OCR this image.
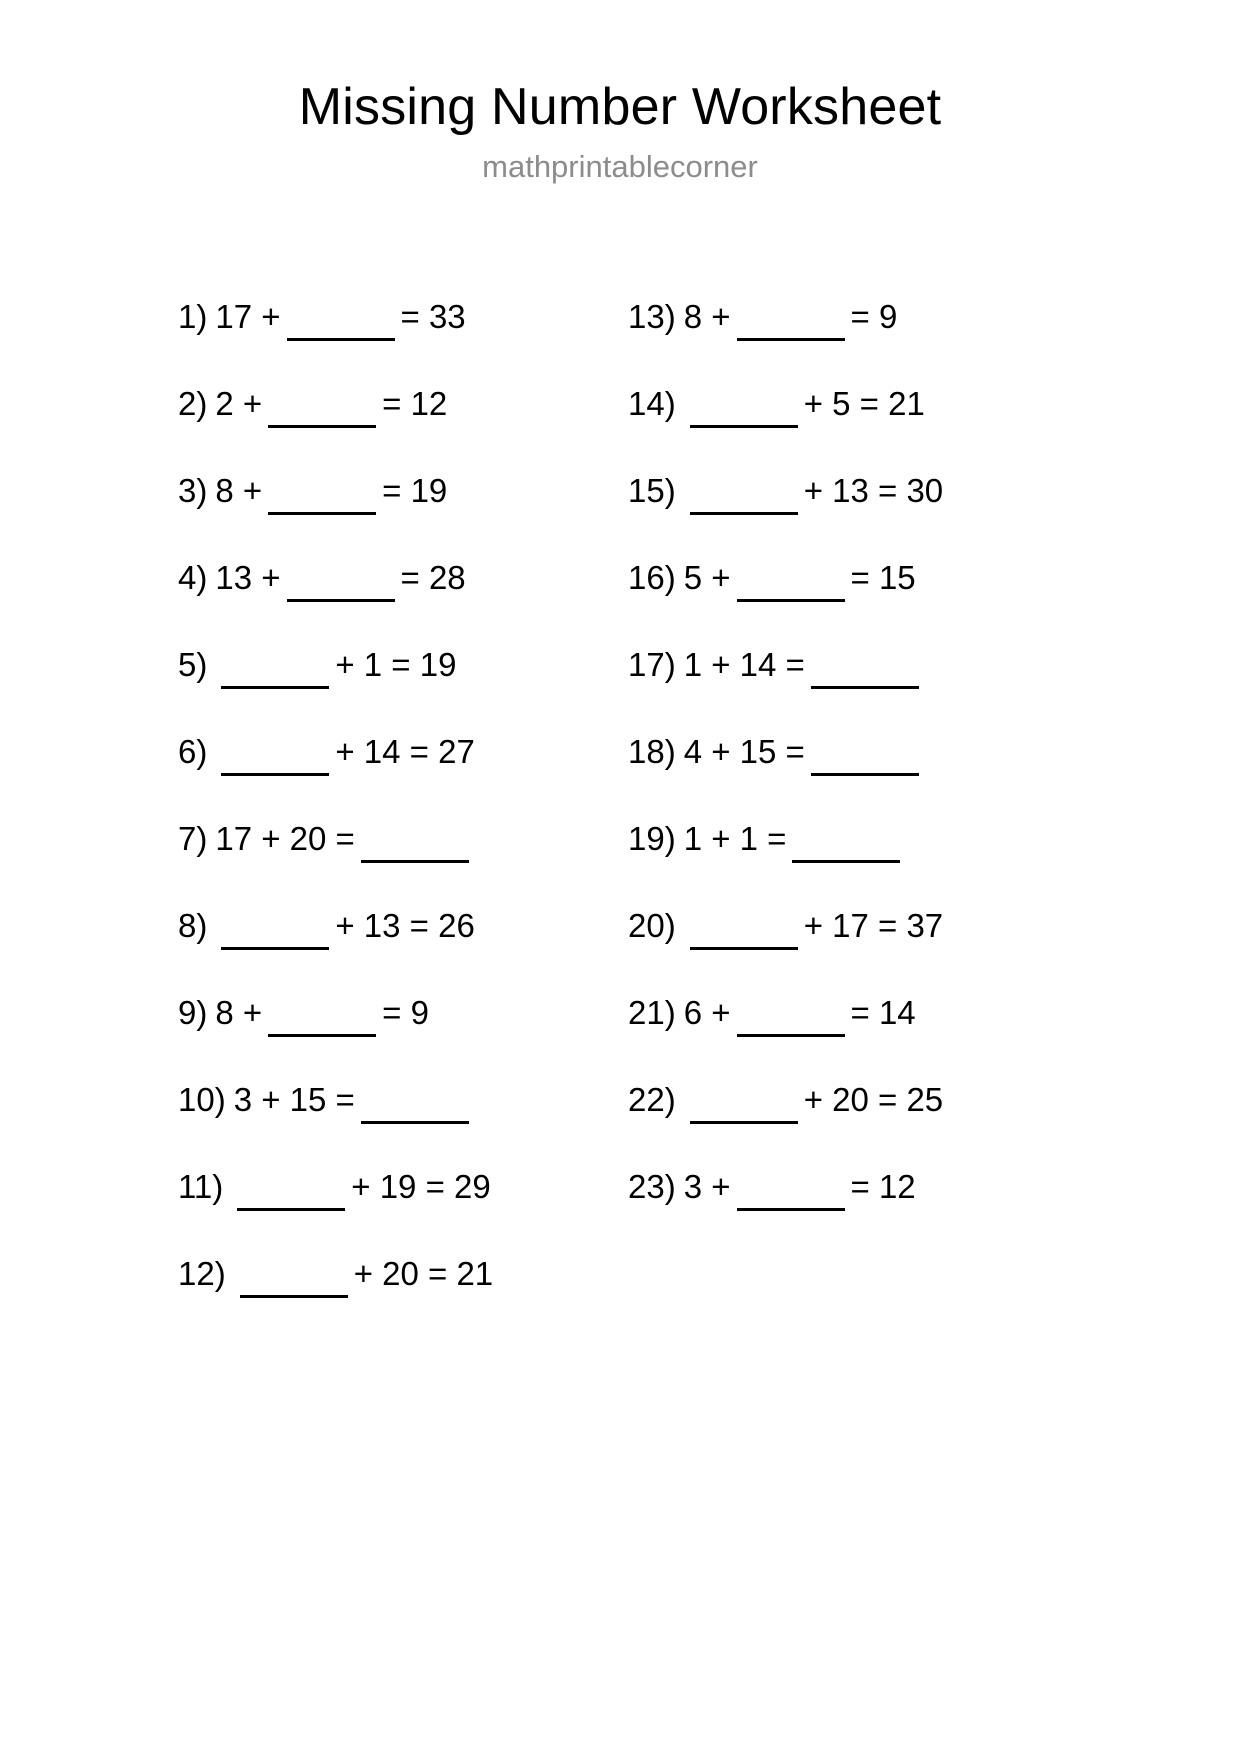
Missing Number Worksheet
mathprintablecorner
1) 17 +	= 33
2) 2 +	= 12
3) 8 +	= 19
4) 13 +	= 28
5)	+ 1 = 19
6)	+ 14 = 27
7) 17 + 20 =
8)	+ 13 = 26
9) 8 +	= 9
10) 3 + 15 =
11)	+ 19 = 29
12)	+ 20 = 21
13) 8 +	= 9
14)	+ 5 = 21
15)	+ 13 = 30
16) 5 +	= 15
17) 1 + 14 =
18) 4 + 15 =
19) 1 + 1 =
20)	+ 17 = 37
21) 6 +	= 14
22)	+ 20 = 25
23) 3 +	= 12
